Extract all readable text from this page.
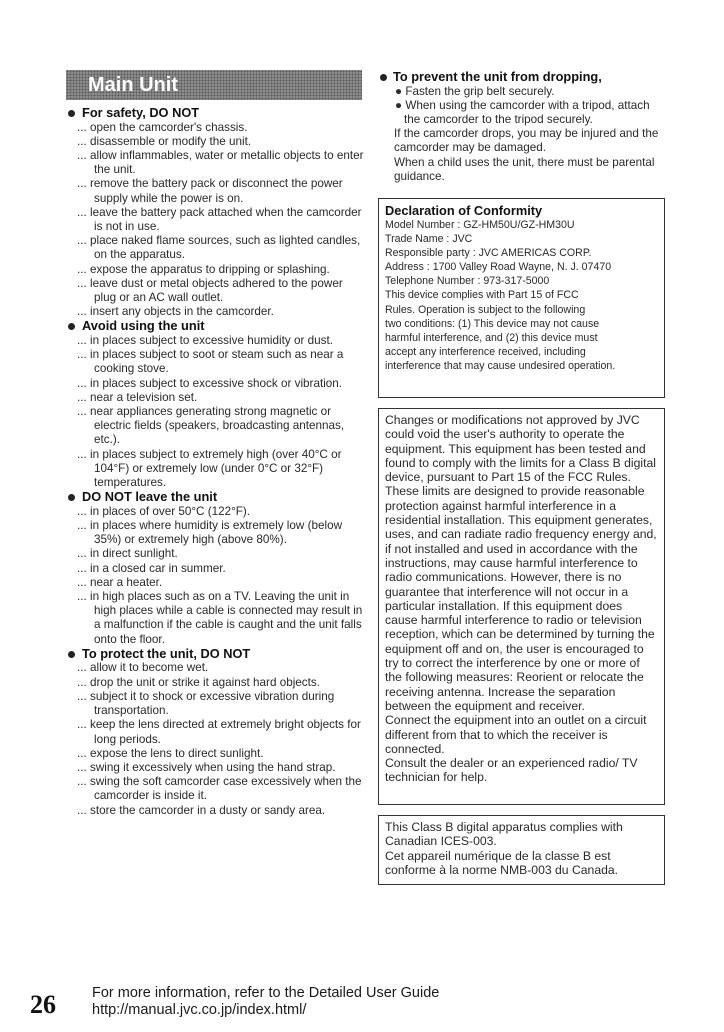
Main Unit
For safety, DO NOT
... open the camcorder's chassis.
... disassemble or modify the unit.
... allow inflammables, water or metallic objects to enter the unit.
... remove the battery pack or disconnect the power supply while the power is on.
... leave the battery pack attached when the camcorder is not in use.
... place naked flame sources, such as lighted candles, on the apparatus.
... expose the apparatus to dripping or splashing.
... leave dust or metal objects adhered to the power plug or an AC wall outlet.
... insert any objects in the camcorder.
Avoid using the unit
... in places subject to excessive humidity or dust.
... in places subject to soot or steam such as near a cooking stove.
... in places subject to excessive shock or vibration.
... near a television set.
... near appliances generating strong magnetic or electric fields (speakers, broadcasting antennas, etc.).
... in places subject to extremely high (over 40°C or 104°F) or extremely low (under 0°C or 32°F) temperatures.
DO NOT leave the unit
... in places of over 50°C (122°F).
... in places where humidity is extremely low (below 35%) or extremely high (above 80%).
... in direct sunlight.
... in a closed car in summer.
... near a heater.
... in high places such as on a TV. Leaving the unit in high places while a cable is connected may result in a malfunction if the cable is caught and the unit falls onto the floor.
To protect the unit, DO NOT
... allow it to become wet.
... drop the unit or strike it against hard objects.
... subject it to shock or excessive vibration during transportation.
... keep the lens directed at extremely bright objects for long periods.
... expose the lens to direct sunlight.
... swing it excessively when using the hand strap.
... swing the soft camcorder case excessively when the camcorder is inside it.
... store the camcorder in a dusty or sandy area.
To prevent the unit from dropping,
● Fasten the grip belt securely.
● When using the camcorder with a tripod, attach the camcorder to the tripod securely.
If the camcorder drops, you may be injured and the camcorder may be damaged.
When a child uses the unit, there must be parental guidance.
Declaration of Conformity
Model Number : GZ-HM50U/GZ-HM30U
Trade Name : JVC
Responsible party : JVC AMERICAS CORP.
Address : 1700 Valley Road Wayne, N. J. 07470
Telephone Number : 973-317-5000
This device complies with Part 15 of FCC
Rules. Operation is subject to the following
two conditions: (1) This device may not cause
harmful interference, and (2) this device must
accept any interference received, including
interference that may cause undesired operation.
Changes or modifications not approved by JVC could void the user's authority to operate the equipment. This equipment has been tested and found to comply with the limits for a Class B digital device, pursuant to Part 15 of the FCC Rules. These limits are designed to provide reasonable protection against harmful interference in a residential installation. This equipment generates, uses, and can radiate radio frequency energy and, if not installed and used in accordance with the instructions, may cause harmful interference to radio communications. However, there is no guarantee that interference will not occur in a particular installation. If this equipment does cause harmful interference to radio or television reception, which can be determined by turning the equipment off and on, the user is encouraged to try to correct the interference by one or more of the following measures: Reorient or relocate the receiving antenna. Increase the separation between the equipment and receiver.
Connect the equipment into an outlet on a circuit different from that to which the receiver is connected.
Consult the dealer or an experienced radio/ TV technician for help.
This Class B digital apparatus complies with Canadian ICES-003.
Cet appareil numérique de la classe B est conforme à la norme NMB-003 du Canada.
26 For more information, refer to the Detailed User Guide
http://manual.jvc.co.jp/index.html/
